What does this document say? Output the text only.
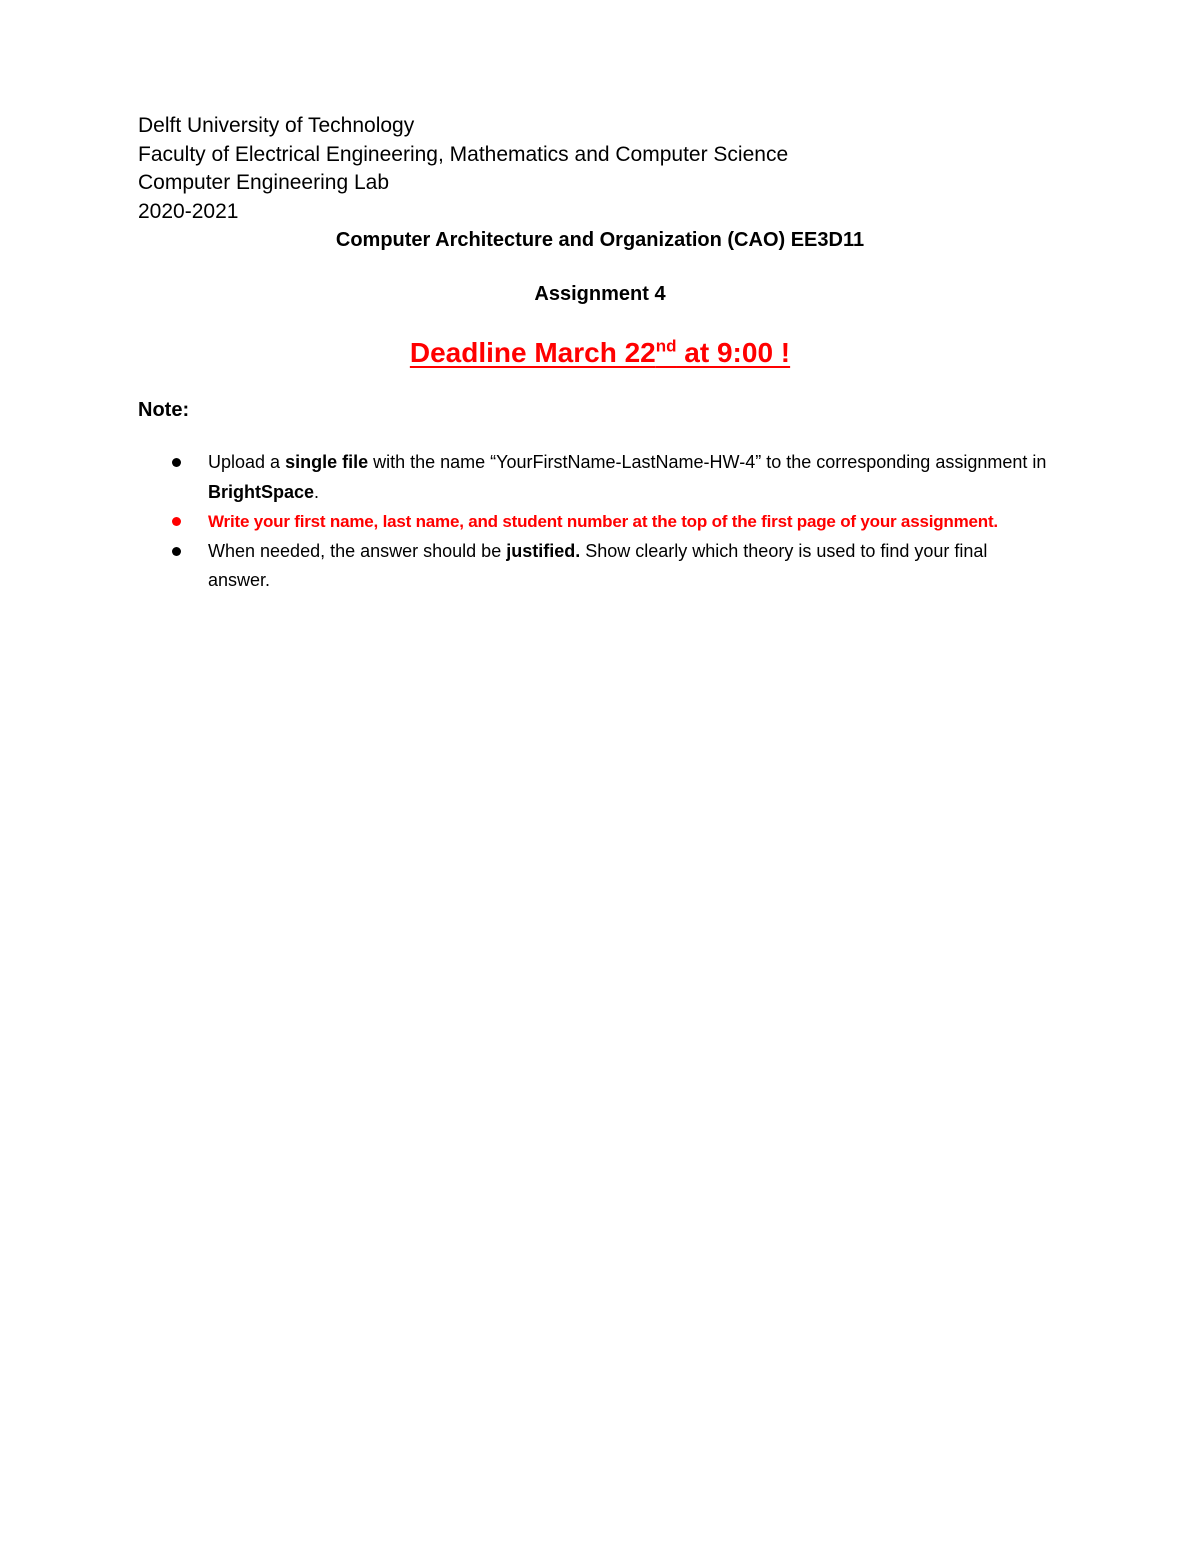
Delft University of Technology
Faculty of Electrical Engineering, Mathematics and Computer Science
Computer Engineering Lab
2020-2021
Computer Architecture and Organization (CAO) EE3D11
Assignment 4
Deadline March 22nd at 9:00 !
Note:
Upload a single file with the name “YourFirstName-LastName-HW-4” to the corresponding assignment in BrightSpace.
Write your first name, last name, and student number at the top of the first page of your assignment.
When needed, the answer should be justified. Show clearly which theory is used to find your final answer.
